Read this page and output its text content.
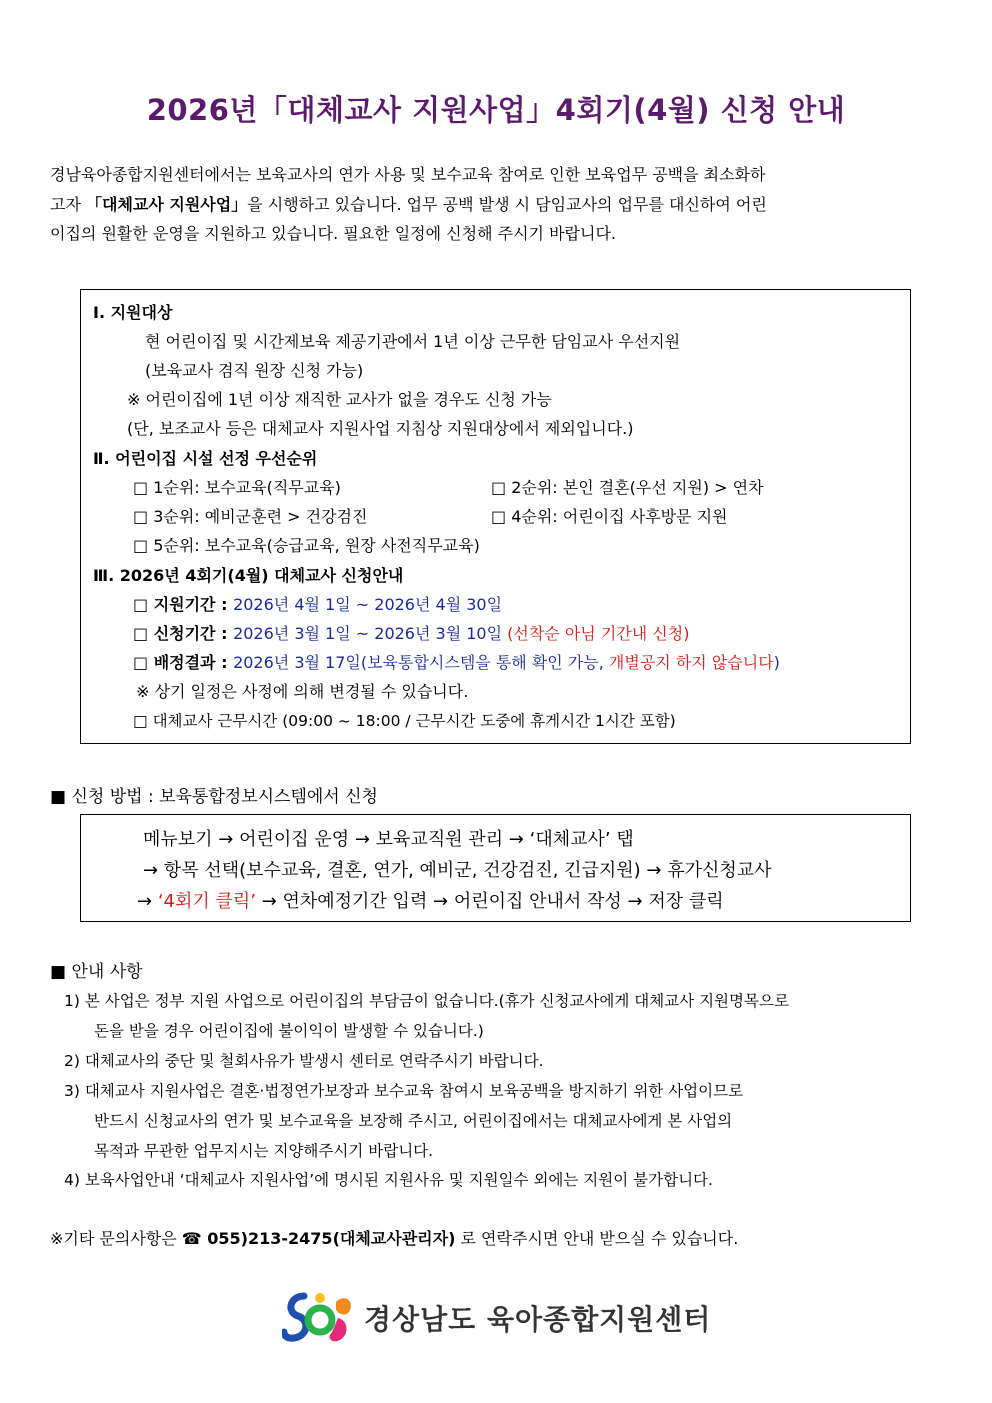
2026년「대체교사 지원사업」4회기(4월) 신청 안내
경남육아종합지원센터에서는 보육교사의 연가 사용 및 보수교육 참여로 인한 보육업무 공백을 최소화하
고자 「대체교사 지원사업」을 시행하고 있습니다. 업무 공백 발생 시 담임교사의 업무를 대신하여 어린
이집의 원활한 운영을 지원하고 있습니다. 필요한 일정에 신청해 주시기 바랍니다.
Ⅰ. 지원대상
현 어린이집 및 시간제보육 제공기관에서 1년 이상 근무한 담임교사 우선지원
(보육교사 겸직 원장 신청 가능)
※ 어린이집에 1년 이상 재직한 교사가 없을 경우도 신청 가능
(단, 보조교사 등은 대체교사 지원사업 지침상 지원대상에서 제외입니다.)
Ⅱ. 어린이집 시설 선정 우선순위
□ 1순위: 보수교육(직무교육)	□ 2순위: 본인 결혼(우선 지원) > 연차
□ 3순위: 예비군훈련 > 건강검진	□ 4순위: 어린이집 사후방문 지원
□ 5순위: 보수교육(승급교육, 원장 사전직무교육)
Ⅲ. 2026년 4회기(4월) 대체교사 신청안내
□ 지원기간 : 2026년 4월 1일 ~ 2026년 4월 30일
□ 신청기간 : 2026년 3월 1일 ~ 2026년 3월 10일 (선착순 아님 기간내 신청)
□ 배정결과 : 2026년 3월 17일(보육통합시스템을 통해 확인 가능, 개별공지 하지 않습니다)
※ 상기 일정은 사정에 의해 변경될 수 있습니다.
□ 대체교사 근무시간 (09:00 ~ 18:00 / 근무시간 도중에 휴게시간 1시간 포함)
■ 신청 방법 : 보육통합정보시스템에서 신청
메뉴보기 → 어린이집 운영 → 보육교직원 관리 → ‘대체교사’ 탭
→ 항목 선택(보수교육, 결혼, 연가, 예비군, 건강검진, 긴급지원) → 휴가신청교사
→ ‘4회기 클릭’ → 연차예정기간 입력 → 어린이집 안내서 작성 → 저장 클릭
■ 안내 사항
1) 본 사업은 정부 지원 사업으로 어린이집의 부담금이 없습니다.(휴가 신청교사에게 대체교사 지원명목으로
돈을 받을 경우 어린이집에 불이익이 발생할 수 있습니다.)
2) 대체교사의 중단 및 철회사유가 발생시 센터로 연락주시기 바랍니다.
3) 대체교사 지원사업은 결혼·법정연가보장과 보수교육 참여시 보육공백을 방지하기 위한 사업이므로
반드시 신청교사의 연가 및 보수교육을 보장해 주시고, 어린이집에서는 대체교사에게 본 사업의
목적과 무관한 업무지시는 지양해주시기 바랍니다.
4) 보육사업안내 ‘대체교사 지원사업’에 명시된 지원사유 및 지원일수 외에는 지원이 불가합니다.
※기타 문의사항은 ☎ 055)213-2475(대체교사관리자) 로 연락주시면 안내 받으실 수 있습니다.
경상남도 육아종합지원센터
